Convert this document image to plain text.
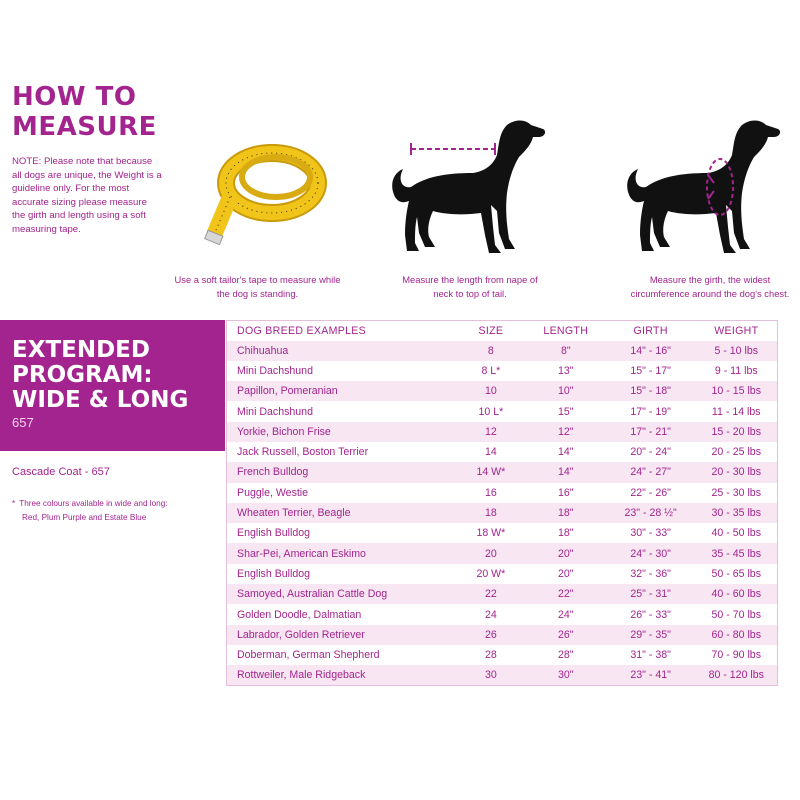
HOW TO MEASURE
NOTE: Please note that because all dogs are unique, the Weight is a guideline only. For the most accurate sizing please measure the girth and length using a soft measuring tape.
Use a soft tailor's tape to measure while the dog is standing.
Measure the length from nape of neck to top of tail.
Measure the girth, the widest circumference around the dog's chest.
EXTENDED PROGRAM: WIDE & LONG
657
Cascade Coat - 657
* Three colours available in wide and long:
Red, Plum Purple and Estate Blue
DOG BREED EXAMPLES	SIZE	LENGTH	GIRTH	WEIGHT
Chihuahua	8	8"	14" - 16"	5 - 10 lbs
Mini Dachshund	8 L*	13"	15" - 17"	9 - 11 lbs
Papillon, Pomeranian	10	10"	15" - 18"	10 - 15 lbs
Mini Dachshund	10 L*	15"	17" - 19"	11 - 14 lbs
Yorkie, Bichon Frise	12	12"	17" - 21"	15 - 20 lbs
Jack Russell, Boston Terrier	14	14"	20" - 24"	20 - 25 lbs
French Bulldog	14 W*	14"	24" - 27"	20 - 30 lbs
Puggle, Westie	16	16"	22" - 26"	25 - 30 lbs
Wheaten Terrier, Beagle	18	18"	23" - 28 ½"	30 - 35 lbs
English Bulldog	18 W*	18"	30" - 33"	40 - 50 lbs
Shar-Pei, American Eskimo	20	20"	24" - 30"	35 - 45 lbs
English Bulldog	20 W*	20"	32" - 36"	50 - 65 lbs
Samoyed, Australian Cattle Dog	22	22"	25" - 31"	40 - 60 lbs
Golden Doodle, Dalmatian	24	24"	26" - 33"	50 - 70 lbs
Labrador, Golden Retriever	26	26"	29" - 35"	60 - 80 lbs
Doberman, German Shepherd	28	28"	31" - 38"	70 - 90 lbs
Rottweiler, Male Ridgeback	30	30"	23" - 41"	80 - 120 lbs
